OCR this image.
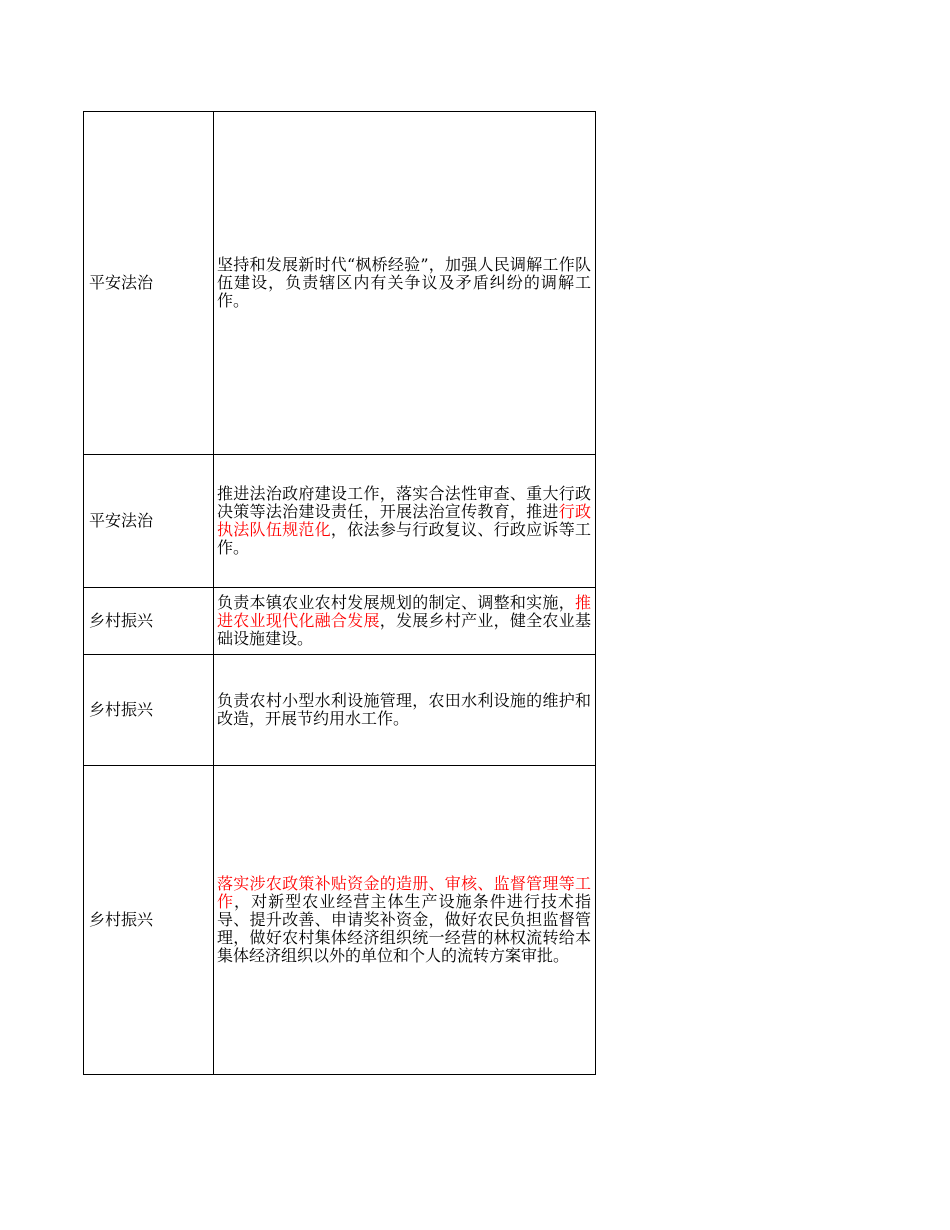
平安法治	坚持和发展新时代“枫桥经验”，加强人民调解工作队伍建设，负责辖区内有关争议及矛盾纠纷的调解工作。
平安法治	推进法治政府建设工作，落实合法性审查、重大行政决策等法治建设责任，开展法治宣传教育，推进行政执法队伍规范化，依法参与行政复议、行政应诉等工作。
乡村振兴	负责本镇农业农村发展规划的制定、调整和实施，推进农业现代化融合发展，发展乡村产业，健全农业基础设施建设。
乡村振兴	负责农村小型水利设施管理，农田水利设施的维护和改造，开展节约用水工作。
乡村振兴	落实涉农政策补贴资金的造册、审核、监督管理等工作，对新型农业经营主体生产设施条件进行技术指导、提升改善、申请奖补资金，做好农民负担监督管理，做好农村集体经济组织统一经营的林权流转给本集体经济组织以外的单位和个人的流转方案审批。
